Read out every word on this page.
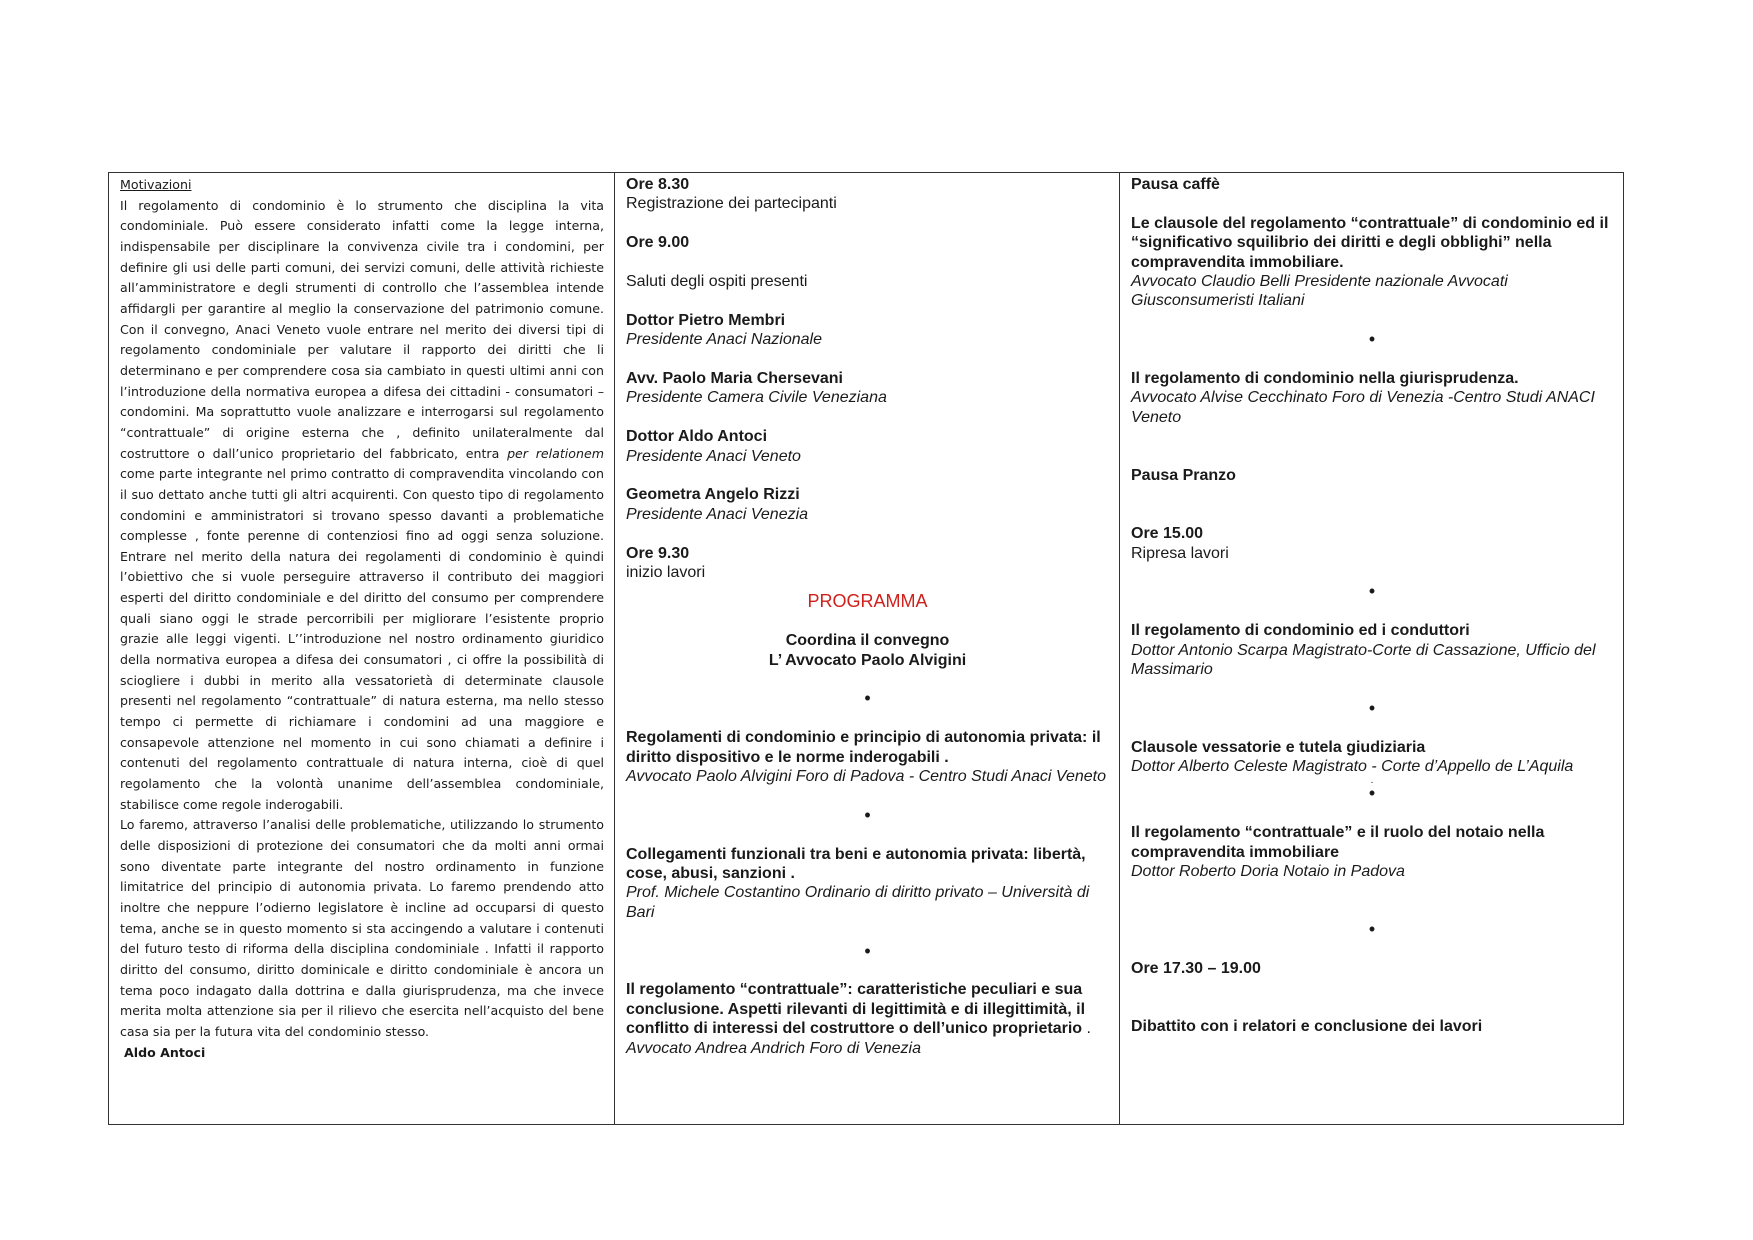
Motivazioni
Il regolamento di condominio è lo strumento che disciplina la vita condominiale. Può essere considerato infatti come la legge interna, indispensabile per disciplinare la convivenza civile tra i condomini, per definire gli usi delle parti comuni, dei servizi comuni, delle attività richieste all’amministratore e degli strumenti di controllo che l’assemblea intende affidargli per garantire al meglio la conservazione del patrimonio comune. Con il convegno, Anaci Veneto vuole entrare nel merito dei diversi tipi di regolamento condominiale per valutare il rapporto dei diritti che li determinano e per comprendere cosa sia cambiato in questi ultimi anni con l’introduzione della normativa europea a difesa dei cittadini - consumatori –condomini. Ma soprattutto vuole analizzare e interrogarsi sul regolamento “contrattuale” di origine esterna che , definito unilateralmente dal costruttore o dall’unico proprietario del fabbricato, entra per relationem come parte integrante nel primo contratto di compravendita vincolando con il suo dettato anche tutti gli altri acquirenti. Con questo tipo di regolamento condomini e amministratori si trovano spesso davanti a problematiche complesse , fonte perenne di contenziosi fino ad oggi senza soluzione. Entrare nel merito della natura dei regolamenti di condominio è quindi l’obiettivo che si vuole perseguire attraverso il contributo dei maggiori esperti del diritto condominiale e del diritto del consumo per comprendere quali siano oggi le strade percorribili per migliorare l’esistente proprio grazie alle leggi vigenti. L’’introduzione nel nostro ordinamento giuridico della normativa europea a difesa dei consumatori , ci offre la possibilità di sciogliere i dubbi in merito alla vessatorietà di determinate clausole presenti nel regolamento “contrattuale” di natura esterna, ma nello stesso tempo ci permette di richiamare i condomini ad una maggiore e consapevole attenzione nel momento in cui sono chiamati a definire i contenuti del regolamento contrattuale di natura interna, cioè di quel regolamento che la volontà unanime dell’assemblea condominiale, stabilisce come regole inderogabili.
Lo faremo, attraverso l’analisi delle problematiche, utilizzando lo strumento delle disposizioni di protezione dei consumatori che da molti anni ormai sono diventate parte integrante del nostro ordinamento in funzione limitatrice del principio di autonomia privata. Lo faremo prendendo atto inoltre che neppure l’odierno legislatore è incline ad occuparsi di questo tema, anche se in questo momento si sta accingendo a valutare i contenuti del futuro testo di riforma della disciplina condominiale . Infatti il rapporto diritto del consumo, diritto dominicale e diritto condominiale è ancora un tema poco indagato dalla dottrina e dalla giurisprudenza, ma che invece merita molta attenzione sia per il rilievo che esercita nell’acquisto del bene casa sia per la futura vita del condominio stesso.
Aldo Antoci
Ore 8.30
Registrazione dei partecipanti
Ore 9.00
Saluti degli ospiti presenti
Dottor Pietro Membri
Presidente Anaci Nazionale
Avv. Paolo Maria Chersevani
Presidente Camera Civile Veneziana
Dottor Aldo Antoci
Presidente Anaci Veneto
Geometra Angelo Rizzi
Presidente Anaci Venezia
Ore 9.30
inizio lavori
PROGRAMMA
Coordina il convegno
L’ Avvocato Paolo Alvigini
•
Regolamenti di condominio e principio di autonomia privata: il diritto dispositivo e le norme inderogabili .
Avvocato Paolo Alvigini Foro di Padova - Centro Studi Anaci Veneto
•
Collegamenti funzionali tra beni e autonomia privata: libertà, cose, abusi, sanzioni .
Prof. Michele Costantino Ordinario di diritto privato – Università di Bari
•
Il regolamento “contrattuale”: caratteristiche peculiari e sua conclusione. Aspetti rilevanti di legittimità e di illegittimità, il conflitto di interessi del costruttore o dell’unico proprietario .
Avvocato Andrea Andrich Foro di Venezia
Pausa caffè
Le clausole del regolamento “contrattuale” di condominio ed il “significativo squilibrio dei diritti e degli obblighi” nella compravendita immobiliare.
Avvocato Claudio Belli Presidente nazionale Avvocati Giusconsumeristi Italiani
•
Il regolamento di condominio nella giurisprudenza.
Avvocato Alvise Cecchinato Foro di Venezia -Centro Studi ANACI Veneto
Pausa Pranzo
Ore 15.00
Ripresa lavori
•
Il regolamento di condominio ed i conduttori
Dottor Antonio Scarpa Magistrato-Corte di Cassazione, Ufficio del Massimario
•
Clausole vessatorie e tutela giudiziaria
Dottor Alberto Celeste Magistrato - Corte d’Appello de L’Aquila
.
•
Il regolamento “contrattuale” e il ruolo del notaio nella compravendita immobiliare
Dottor Roberto Doria Notaio in Padova
•
Ore 17.30 – 19.00
Dibattito con i relatori e conclusione dei lavori
